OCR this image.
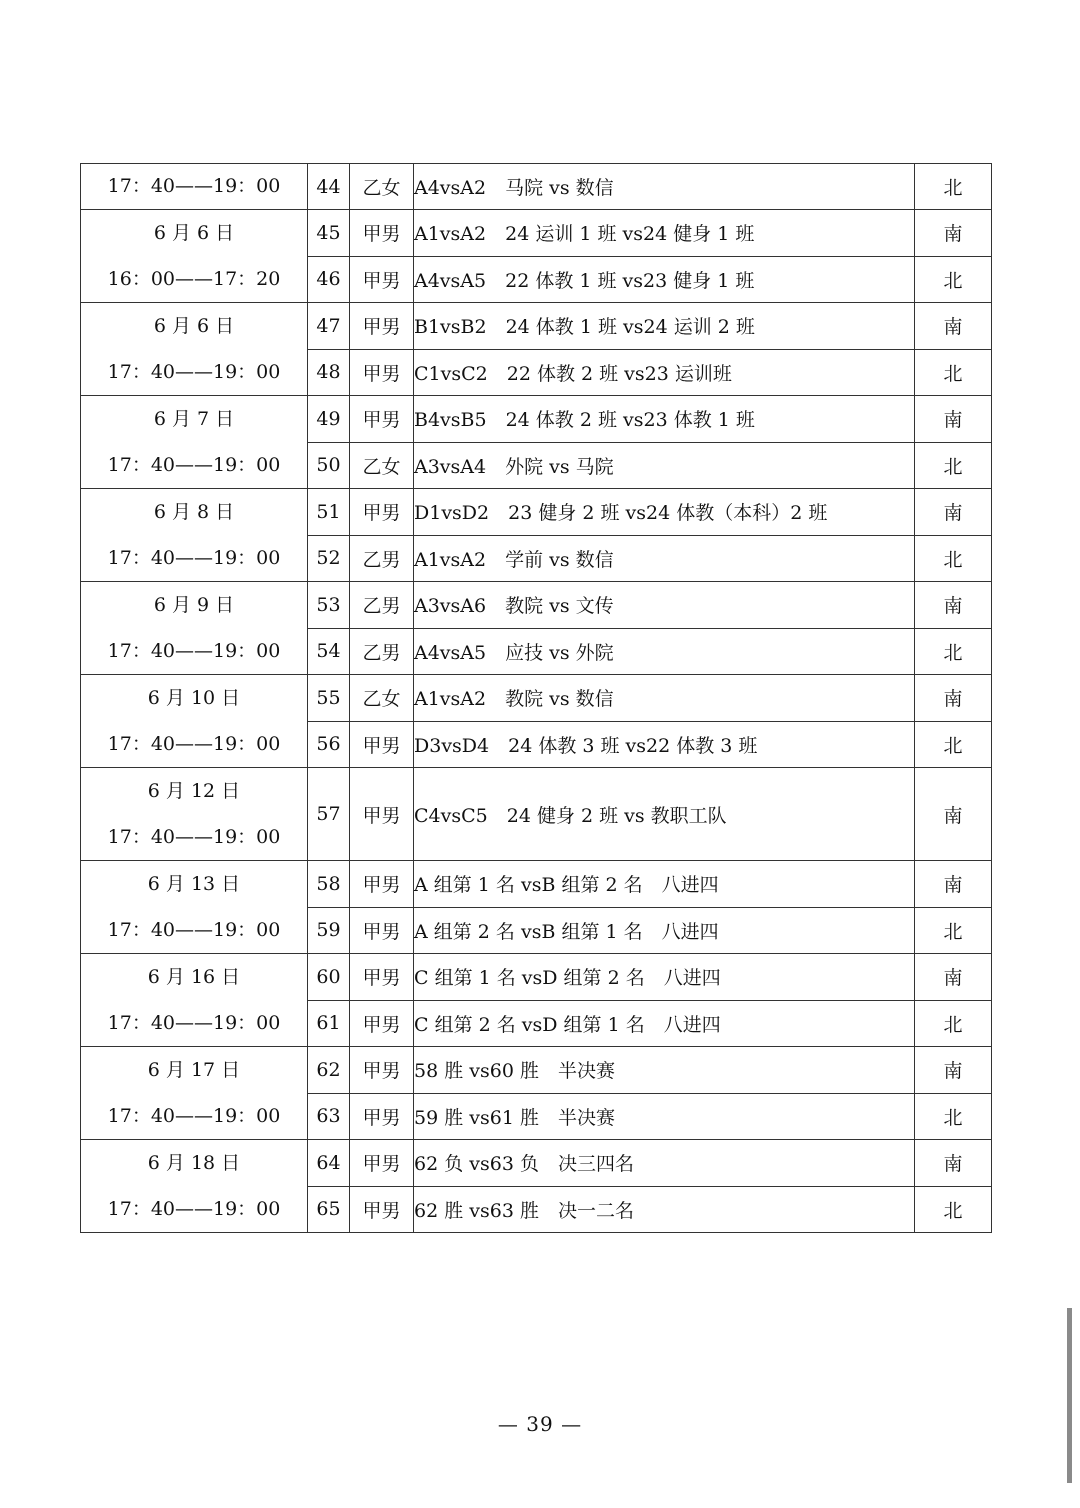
17：40——19：00	44	乙女	A4vsA2　马院 vs 数信	北

6 月 6 日
16：00——17：20	45	甲男	A1vsA2　24 运训 1 班 vs24 健身 1 班	南
	46	甲男	A4vsA5　22 体教 1 班 vs23 健身 1 班	北

6 月 6 日
17：40——19：00	47	甲男	B1vsB2　24 体教 1 班 vs24 运训 2 班	南
	48	甲男	C1vsC2　22 体教 2 班 vs23 运训班	北

6 月 7 日
17：40——19：00	49	甲男	B4vsB5　24 体教 2 班 vs23 体教 1 班	南
	50	乙女	A3vsA4　外院 vs 马院	北

6 月 8 日
17：40——19：00	51	甲男	D1vsD2　23 健身 2 班 vs24 体教（本科）2 班	南
	52	乙男	A1vsA2　学前 vs 数信	北

6 月 9 日
17：40——19：00	53	乙男	A3vsA6　教院 vs 文传	南
	54	乙男	A4vsA5　应技 vs 外院	北

6 月 10 日
17：40——19：00	55	乙女	A1vsA2　教院 vs 数信	南
	56	甲男	D3vsD4　24 体教 3 班 vs22 体教 3 班	北

6 月 12 日
17：40——19：00	57	甲男	C4vsC5　24 健身 2 班 vs 教职工队	南

6 月 13 日
17：40——19：00	58	甲男	A 组第 1 名 vsB 组第 2 名　八进四	南
	59	甲男	A 组第 2 名 vsB 组第 1 名　八进四	北

6 月 16 日
17：40——19：00	60	甲男	C 组第 1 名 vsD 组第 2 名　八进四	南
	61	甲男	C 组第 2 名 vsD 组第 1 名　八进四	北

6 月 17 日
17：40——19：00	62	甲男	58 胜 vs60 胜　半决赛	南
	63	甲男	59 胜 vs61 胜　半决赛	北

6 月 18 日
17：40——19：00	64	甲男	62 负 vs63 负　决三四名	南
	65	甲男	62 胜 vs63 胜　决一二名	北
— 39 —
